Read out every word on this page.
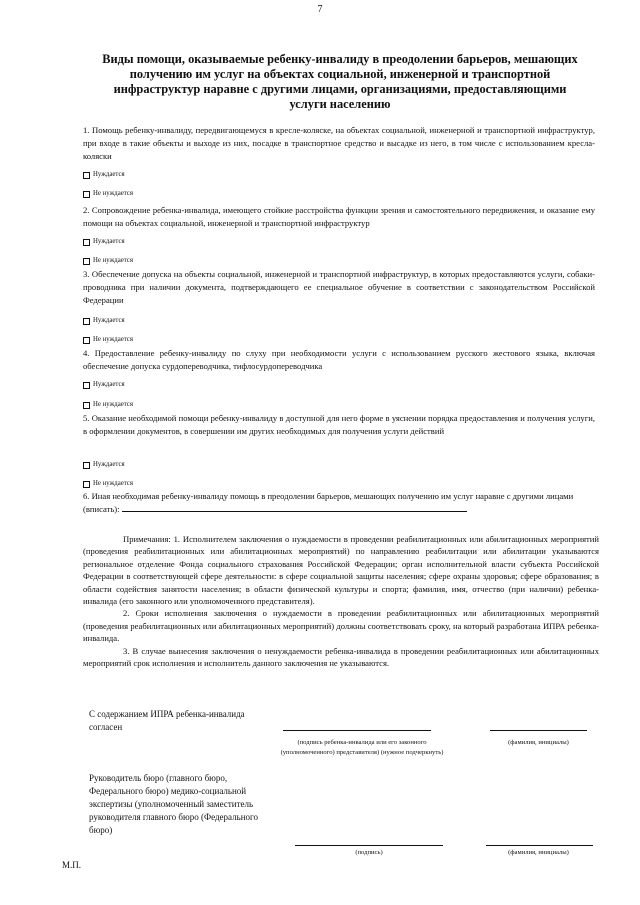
7
Виды помощи, оказываемые ребенку-инвалиду в преодолении барьеров, мешающих
получению им услуг на объектах социальной, инженерной и транспортной
инфраструктур наравне с другими лицами, организациями, предоставляющими
услуги населению
1. Помощь ребенку-инвалиду, передвигающемуся в кресле-коляске, на объектах социальной, инженерной и транспортной инфраструктур, при входе в такие объекты и выходе из них, посадке в транспортное средство и высадке из него, в том числе с использованием кресла-коляски
Нуждается
Не нуждается
2. Сопровождение ребенка-инвалида, имеющего стойкие расстройства функции зрения и самостоятельного передвижения, и оказание ему помощи на объектах социальной, инженерной и транспортной инфраструктур
Нуждается
Не нуждается
3. Обеспечение допуска на объекты социальной, инженерной и транспортной инфраструктур, в которых предоставляются услуги, собаки-проводника при наличии документа, подтверждающего ее специальное обучение в соответствии с законодательством Российской Федерации
Нуждается
Не нуждается
4. Предоставление ребенку-инвалиду по слуху при необходимости услуги с использованием русского жестового языка, включая обеспечение допуска сурдопереводчика, тифлосурдопереводчика
Нуждается
Не нуждается
5. Оказание необходимой помощи ребенку-инвалиду в доступной для него форме в уяснении порядка предоставления и получения услуги, в оформлении документов, в совершении им других необходимых для получения услуги действий
Нуждается
Не нуждается
6. Иная необходимая ребенку-инвалиду помощь в преодолении барьеров, мешающих получению им услуг наравне с другими лицами (вписать):

Примечания: 1. Исполнителем заключения о нуждаемости в проведении реабилитационных или абилитационных мероприятий (проведения реабилитационных или абилитационных мероприятий) по направлению реабилитации или абилитации указываются региональное отделение Фонда социального страхования Российской Федерации; орган исполнительной власти субъекта Российской Федерации в соответствующей сфере деятельности: в сфере социальной защиты населения; сфере охраны здоровья; сфере образования; в области содействия занятости населения; в области физической культуры и спорта; фамилия, имя, отчество (при наличии) ребенка-инвалида (его законного или уполномоченного представителя).

2. Сроки исполнения заключения о нуждаемости в проведении реабилитационных или абилитационных мероприятий (проведения реабилитационных или абилитационных мероприятий) должны соответствовать сроку, на который разработана ИПРА ребенка-инвалида.

3. В случае вынесения заключения о ненуждаемости ребенка-инвалида в проведении реабилитационных или абилитационных мероприятий срок исполнения и исполнитель данного заключения не указываются.

С содержанием ИПРА ребенка-инвалида согласен
(подпись ребенка-инвалида или его законного (уполномоченного) представителя) (нужное подчеркнуть)
(фамилия, инициалы)
Руководитель бюро (главного бюро, Федерального бюро) медико-социальной экспертизы (уполномоченный заместитель руководителя главного бюро (Федерального бюро)
(подпись)	(фамилия, инициалы)
М.П.
